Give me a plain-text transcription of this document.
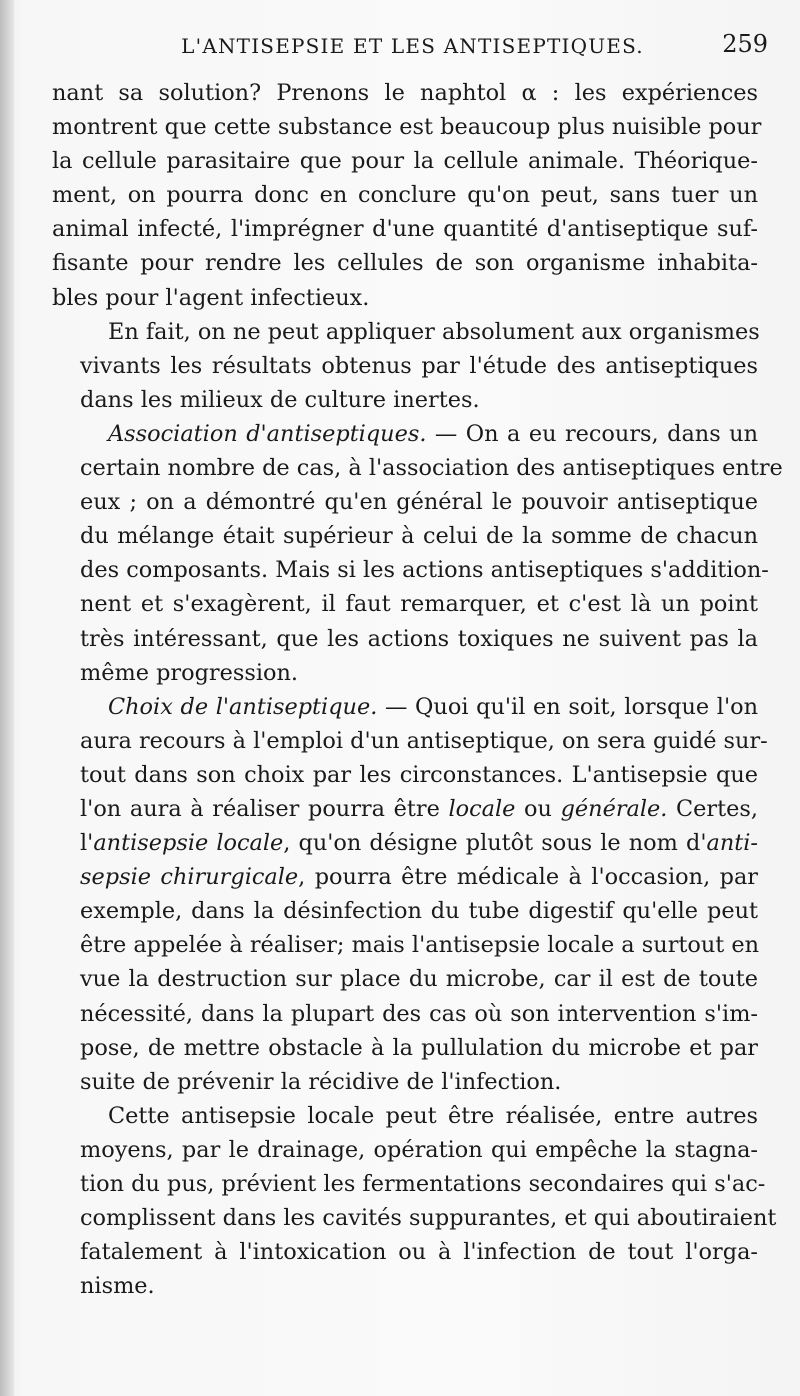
L'ANTISEPSIE ET LES ANTISEPTIQUES.	259

nant sa solution? Prenons le naphtol α : les expériences
montrent que cette substance est beaucoup plus nuisible pour
la cellule parasitaire que pour la cellule animale. Théorique-
ment, on pourra donc en conclure qu'on peut, sans tuer un
animal infecté, l'imprégner d'une quantité d'antiseptique suf-
fisante pour rendre les cellules de son organisme inhabita-
bles pour l'agent infectieux.

En fait, on ne peut appliquer absolument aux organismes
vivants les résultats obtenus par l'étude des antiseptiques
dans les milieux de culture inertes.

Association d'antiseptiques. — On a eu recours, dans un
certain nombre de cas, à l'association des antiseptiques entre
eux ; on a démontré qu'en général le pouvoir antiseptique
du mélange était supérieur à celui de la somme de chacun
des composants. Mais si les actions antiseptiques s'addition-
nent et s'exagèrent, il faut remarquer, et c'est là un point
très intéressant, que les actions toxiques ne suivent pas la
même progression.

Choix de l'antiseptique. — Quoi qu'il en soit, lorsque l'on
aura recours à l'emploi d'un antiseptique, on sera guidé sur-
tout dans son choix par les circonstances. L'antisepsie que
l'on aura à réaliser pourra être locale ou générale. Certes,
l'antisepsie locale, qu'on désigne plutôt sous le nom d'anti-
sepsie chirurgicale, pourra être médicale à l'occasion, par
exemple, dans la désinfection du tube digestif qu'elle peut
être appelée à réaliser; mais l'antisepsie locale a surtout en
vue la destruction sur place du microbe, car il est de toute
nécessité, dans la plupart des cas où son intervention s'im-
pose, de mettre obstacle à la pullulation du microbe et par
suite de prévenir la récidive de l'infection.

Cette antisepsie locale peut être réalisée, entre autres
moyens, par le drainage, opération qui empêche la stagna-
tion du pus, prévient les fermentations secondaires qui s'ac-
complissent dans les cavités suppurantes, et qui aboutiraient
fatalement à l'intoxication ou à l'infection de tout l'orga-
nisme.
